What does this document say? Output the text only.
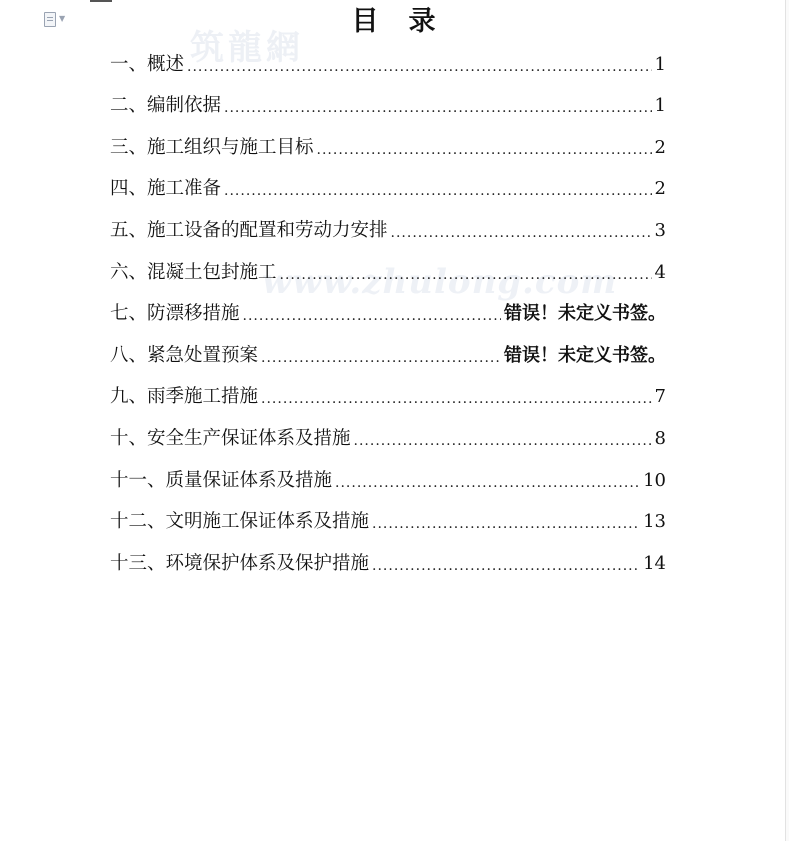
▼
筑龍網
www.zhulong.com
目 录
一、概述 .....	1
二、编制依据 .....	1
三、施工组织与施工目标 .....	2
四、施工准备 .....	2
五、施工设备的配置和劳动力安排 .....	3
六、混凝土包封施工 .....	4
七、防漂移措施 .....	错误！未定义书签。
八、紧急处置预案 .....	错误！未定义书签。
九、雨季施工措施 .....	7
十、安全生产保证体系及措施 .....	8
十一、质量保证体系及措施 .....	10
十二、文明施工保证体系及措施 .....	13
十三、环境保护体系及保护措施 .....	14
